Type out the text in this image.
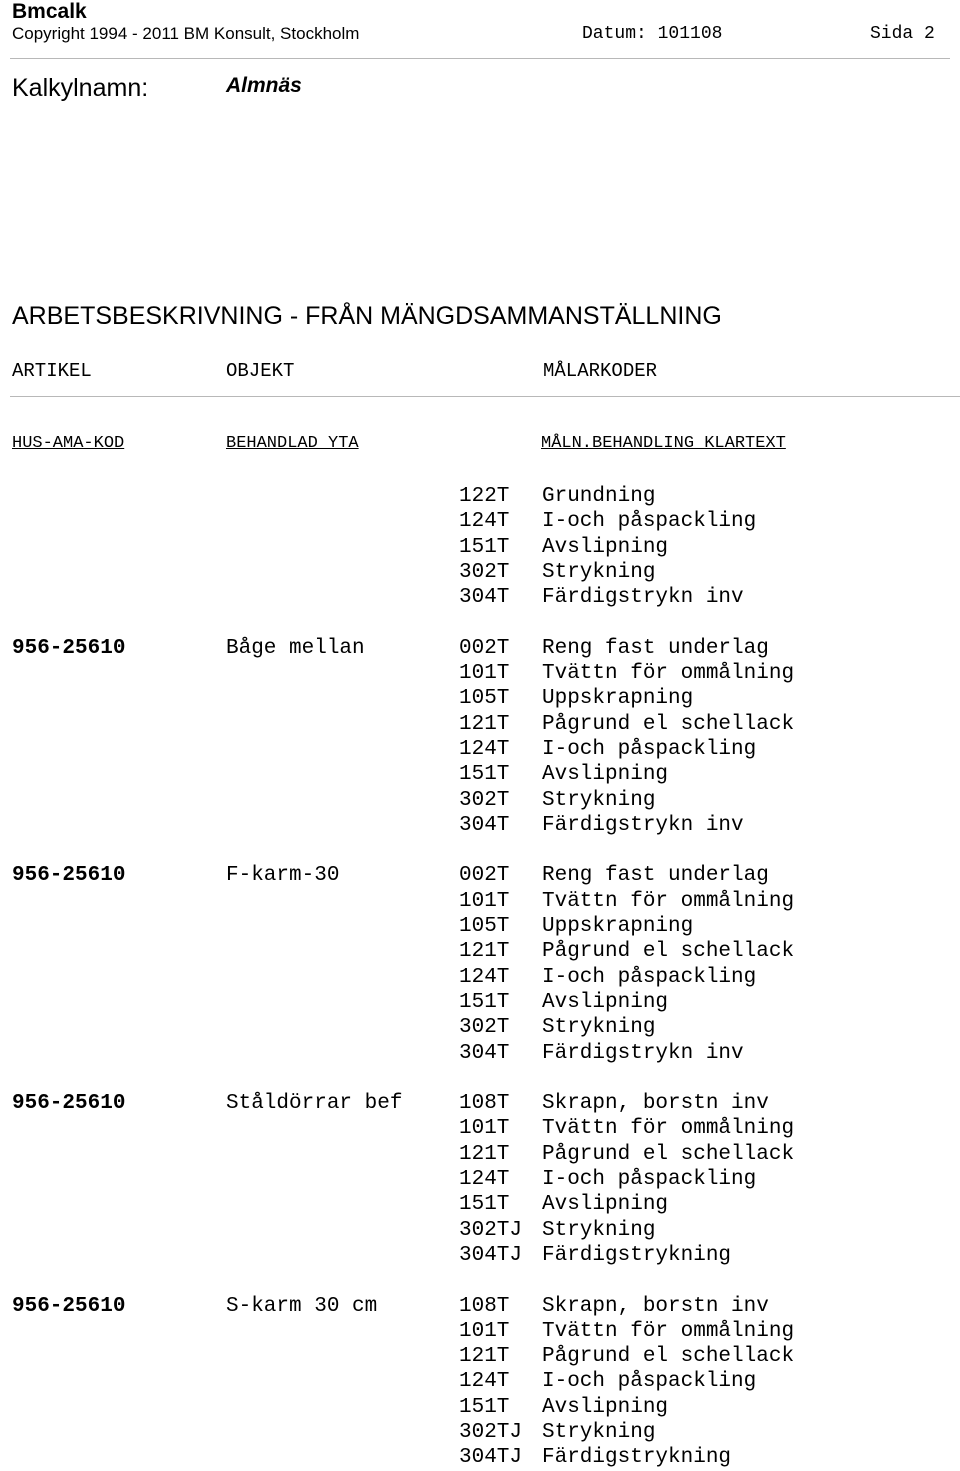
Bmcalk
Copyright 1994 - 2011 BM Konsult, Stockholm	Datum: 101108	Sida 2
Kalkylnamn:	Almnäs
ARBETSBESKRIVNING - FRÅN MÄNGDSAMMANSTÄLLNING
ARTIKEL	OBJEKT	MÅLARKODER
HUS-AMA-KOD	BEHANDLAD YTA	MÅLN.BEHANDLING KLARTEXT
122T Grundning
124T I-och påspackling
151T Avslipning
302T Strykning
304T Färdigstrykn inv
956-25610	Båge mellan	002T Reng fast underlag
101T Tvättn för ommålning
105T Uppskrapning
121T Pågrund el schellack
124T I-och påspackling
151T Avslipning
302T Strykning
304T Färdigstrykn inv
956-25610	F-karm-30	002T Reng fast underlag
101T Tvättn för ommålning
105T Uppskrapning
121T Pågrund el schellack
124T I-och påspackling
151T Avslipning
302T Strykning
304T Färdigstrykn inv
956-25610	Ståldörrar bef	108T Skrapn, borstn inv
101T Tvättn för ommålning
121T Pågrund el schellack
124T I-och påspackling
151T Avslipning
302TJ Strykning
304TJ Färdigstrykning
956-25610	S-karm 30 cm	108T Skrapn, borstn inv
101T Tvättn för ommålning
121T Pågrund el schellack
124T I-och påspackling
151T Avslipning
302TJ Strykning
304TJ Färdigstrykning
